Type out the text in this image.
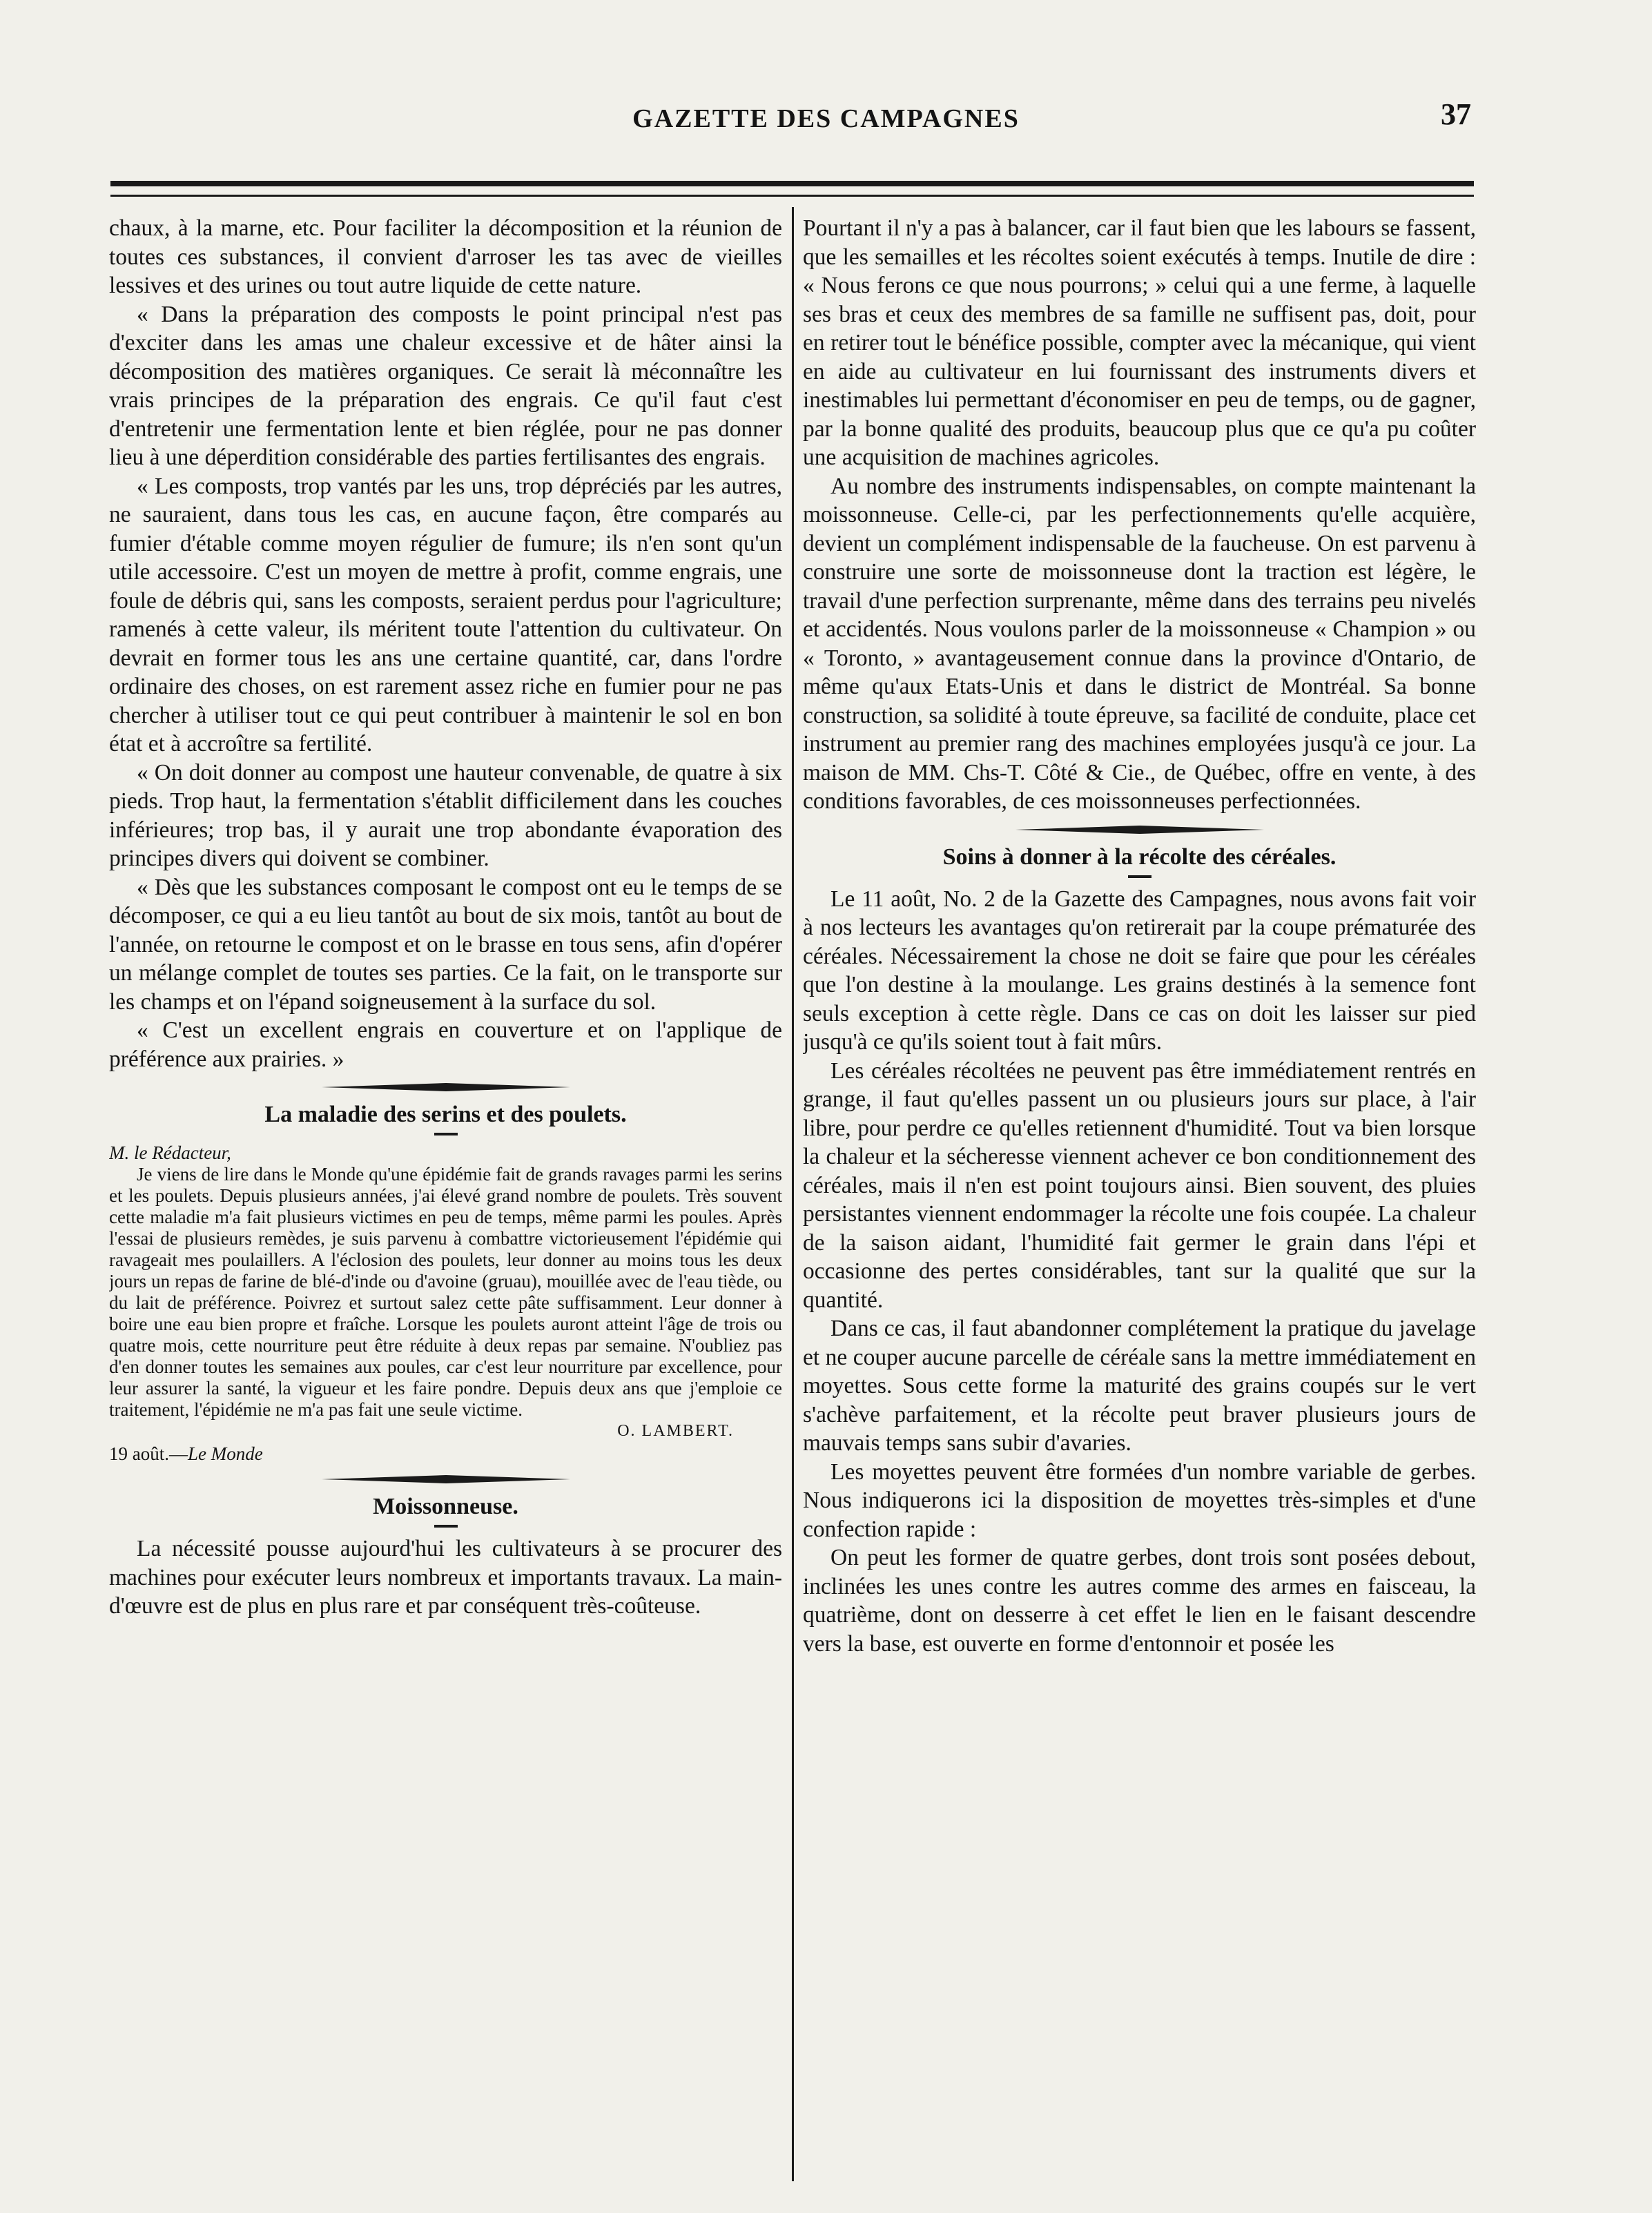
GAZETTE DES CAMPAGNES	37

chaux, à la marne, etc. Pour faciliter la décomposition et la réunion de toutes ces substances, il convient d'arroser les tas avec de vieilles lessives et des urines ou tout autre liquide de cette nature.

« Dans la préparation des composts le point principal n'est pas d'exciter dans les amas une chaleur excessive et de hâter ainsi la décomposition des matières organiques. Ce serait là méconnaître les vrais principes de la préparation des engrais. Ce qu'il faut c'est d'entretenir une fermentation lente et bien réglée, pour ne pas donner lieu à une déperdition considérable des parties fertilisantes des engrais.

« Les composts, trop vantés par les uns, trop dépréciés par les autres, ne sauraient, dans tous les cas, en aucune façon, être comparés au fumier d'étable comme moyen régulier de fumure; ils n'en sont qu'un utile accessoire. C'est un moyen de mettre à profit, comme engrais, une foule de débris qui, sans les composts, seraient perdus pour l'agriculture; ramenés à cette valeur, ils méritent toute l'attention du cultivateur. On devrait en former tous les ans une certaine quantité, car, dans l'ordre ordinaire des choses, on est rarement assez riche en fumier pour ne pas chercher à utiliser tout ce qui peut contribuer à maintenir le sol en bon état et à accroître sa fertilité.

« On doit donner au compost une hauteur convenable, de quatre à six pieds. Trop haut, la fermentation s'établit difficilement dans les couches inférieures; trop bas, il y aurait une trop abondante évaporation des principes divers qui doivent se combiner.

« Dès que les substances composant le compost ont eu le temps de se décomposer, ce qui a eu lieu tantôt au bout de six mois, tantôt au bout de l'année, on retourne le compost et on le brasse en tous sens, afin d'opérer un mélange complet de toutes ses parties. Ce la fait, on le transporte sur les champs et on l'épand soigneusement à la surface du sol.

« C'est un excellent engrais en couverture et on l'applique de préférence aux prairies. »

La maladie des serins et des poulets.

M. le Rédacteur,

Je viens de lire dans le Monde qu'une épidémie fait de grands ravages parmi les serins et les poulets. Depuis plusieurs années, j'ai élevé grand nombre de poulets. Très souvent cette maladie m'a fait plusieurs victimes en peu de temps, même parmi les poules. Après l'essai de plusieurs remèdes, je suis parvenu à combattre victorieusement l'épidémie qui ravageait mes poulaillers. A l'éclosion des poulets, leur donner au moins tous les deux jours un repas de farine de blé-d'inde ou d'avoine (gruau), mouillée avec de l'eau tiède, ou du lait de préférence. Poivrez et surtout salez cette pâte suffisamment. Leur donner à boire une eau bien propre et fraîche. Lorsque les poulets auront atteint l'âge de trois ou quatre mois, cette nourriture peut être réduite à deux repas par semaine. N'oubliez pas d'en donner toutes les semaines aux poules, car c'est leur nourriture par excellence, pour leur assurer la santé, la vigueur et les faire pondre. Depuis deux ans que j'emploie ce traitement, l'épidémie ne m'a pas fait une seule victime.

O. LAMBERT.

19 août.—Le Monde

Moissonneuse.

La nécessité pousse aujourd'hui les cultivateurs à se procurer des machines pour exécuter leurs nombreux et importants travaux. La main-d'œuvre est de plus en plus rare et par conséquent très-coûteuse.

Pourtant il n'y a pas à balancer, car il faut bien que les labours se fassent, que les semailles et les récoltes soient exécutés à temps. Inutile de dire : « Nous ferons ce que nous pourrons; » celui qui a une ferme, à laquelle ses bras et ceux des membres de sa famille ne suffisent pas, doit, pour en retirer tout le bénéfice possible, compter avec la mécanique, qui vient en aide au cultivateur en lui fournissant des instruments divers et inestimables lui permettant d'économiser en peu de temps, ou de gagner, par la bonne qualité des produits, beaucoup plus que ce qu'a pu coûter une acquisition de machines agricoles.

Au nombre des instruments indispensables, on compte maintenant la moissonneuse. Celle-ci, par les perfectionnements qu'elle acquière, devient un complément indispensable de la faucheuse. On est parvenu à construire une sorte de moissonneuse dont la traction est légère, le travail d'une perfection surprenante, même dans des terrains peu nivelés et accidentés. Nous voulons parler de la moissonneuse « Champion » ou « Toronto, » avantageusement connue dans la province d'Ontario, de même qu'aux Etats-Unis et dans le district de Montréal. Sa bonne construction, sa solidité à toute épreuve, sa facilité de conduite, place cet instrument au premier rang des machines employées jusqu'à ce jour. La maison de MM. Chs-T. Côté & Cie., de Québec, offre en vente, à des conditions favorables, de ces moissonneuses perfectionnées.

Soins à donner à la récolte des céréales.

Le 11 août, No. 2 de la Gazette des Campagnes, nous avons fait voir à nos lecteurs les avantages qu'on retirerait par la coupe prématurée des céréales. Nécessairement la chose ne doit se faire que pour les céréales que l'on destine à la moulange. Les grains destinés à la semence font seuls exception à cette règle. Dans ce cas on doit les laisser sur pied jusqu'à ce qu'ils soient tout à fait mûrs.

Les céréales récoltées ne peuvent pas être immédiatement rentrés en grange, il faut qu'elles passent un ou plusieurs jours sur place, à l'air libre, pour perdre ce qu'elles retiennent d'humidité. Tout va bien lorsque la chaleur et la sécheresse viennent achever ce bon conditionnement des céréales, mais il n'en est point toujours ainsi. Bien souvent, des pluies persistantes viennent endommager la récolte une fois coupée. La chaleur de la saison aidant, l'humidité fait germer le grain dans l'épi et occasionne des pertes considérables, tant sur la qualité que sur la quantité.

Dans ce cas, il faut abandonner complétement la pratique du javelage et ne couper aucune parcelle de céréale sans la mettre immédiatement en moyettes. Sous cette forme la maturité des grains coupés sur le vert s'achève parfaitement, et la récolte peut braver plusieurs jours de mauvais temps sans subir d'avaries.

Les moyettes peuvent être formées d'un nombre variable de gerbes. Nous indiquerons ici la disposition de moyettes très-simples et d'une confection rapide :

On peut les former de quatre gerbes, dont trois sont posées debout, inclinées les unes contre les autres comme des armes en faisceau, la quatrième, dont on desserre à cet effet le lien en le faisant descendre vers la base, est ouverte en forme d'entonnoir et posée les
